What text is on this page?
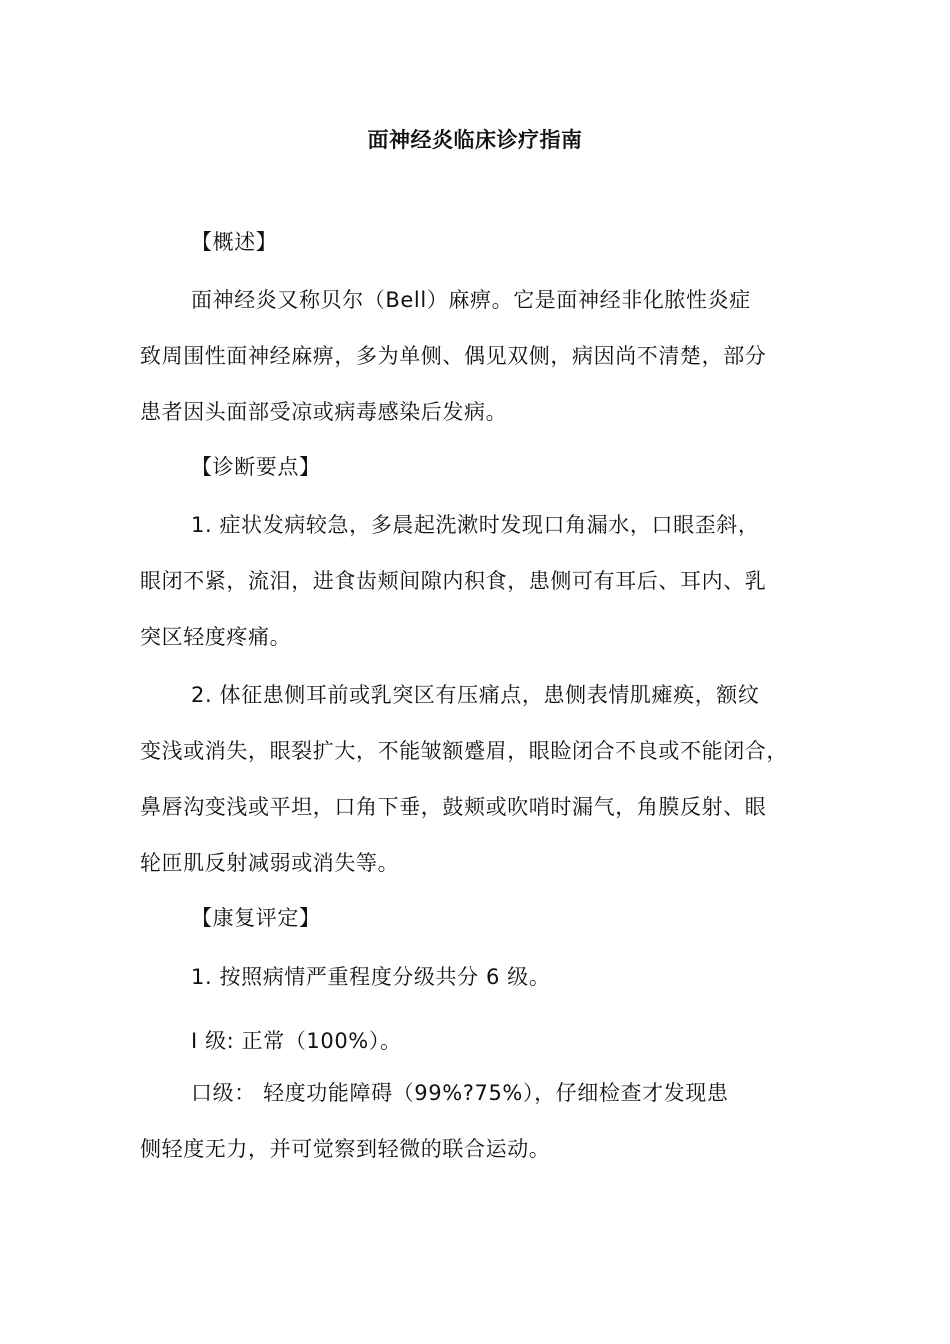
面神经炎临床诊疗指南
【概述】
面神经炎又称贝尔（Bell）麻痹。它是面神经非化脓性炎症
致周围性面神经麻痹，多为单侧、偶见双侧，病因尚不清楚，部分
患者因头面部受凉或病毒感染后发病。
【诊断要点】
1. 症状发病较急，多晨起洗漱时发现口角漏水，口眼歪斜，
眼闭不紧，流泪，进食齿颊间隙内积食，患侧可有耳后、耳内、乳
突区轻度疼痛。
2. 体征患侧耳前或乳突区有压痛点，患侧表情肌瘫痪，额纹
变浅或消失，眼裂扩大，不能皱额蹙眉，眼睑闭合不良或不能闭合，
鼻唇沟变浅或平坦，口角下垂，鼓颊或吹哨时漏气，角膜反射、眼
轮匝肌反射减弱或消失等。
【康复评定】
1. 按照病情严重程度分级共分 6 级。
I 级: 正常（100%）。
口级： 轻度功能障碍（99%?75%），仔细检查才发现患
侧轻度无力，并可觉察到轻微的联合运动。
